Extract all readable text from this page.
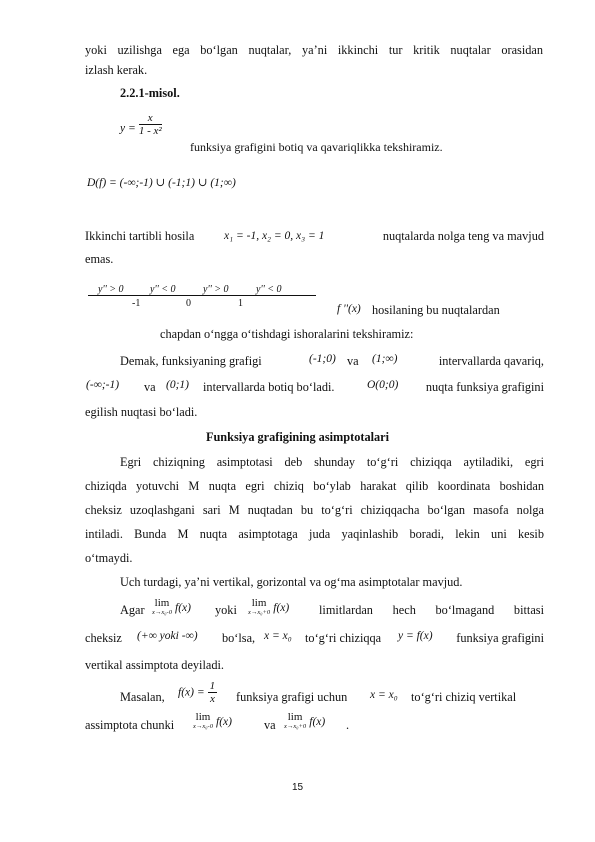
yoki uzilishga ega bo‘lgan nuqtalar, ya’ni ikkinchi tur kritik nuqtalar orasidan
izlash kerak.
2.2.1-misol.
$y = \frac{x}{\text{1 - x²}}$
funksiya grafigini botiq va qavariqlikka tekshiramiz.
D(f) = (-∞;-1) ∪ (-1;1) ∪ (1;∞)
Ikkinchi tartibli hosila	x₁ = -1, x₂ = 0, x₃ = 1	nuqtalarda nolga teng va mavjud
emas.
y'' > 0	y'' < 0	y'' > 0	y'' < 0
-1	0	1	f ''(x) hosilaning bu nuqtalardan
chapdan o‘ngga o‘tishdagi ishoralarini tekshiramiz:
Demak, funksiyaning grafigi	(-1;0) va (1;∞)	intervallarda qavariq,
(-∞;-1) va (0;1) intervallarda botiq bo‘ladi.	O(0;0)	nuqta funksiya grafigini
egilish nuqtasi bo‘ladi.
Funksiya grafigining asimptotalari
Egri chiziqning asimptotasi deb shunday to‘g‘ri chiziqqa aytiladiki, egri
chiziqda yotuvchi M nuqta egri chiziq bo‘ylab harakat qilib koordinata boshidan
cheksiz uzoqlashgani sari M nuqtadan bu to‘g‘ri chiziqqacha bo‘lgan masofa nolga
intiladi. Bunda M nuqta asimptotaga juda yaqinlashib boradi, lekin uni kesib
o‘tmaydi.
Uch turdagi, ya’ni vertikal, gorizontal va og‘ma asimptotalar mavjud.
Agar lim
x→x₀-0 f(x) yoki	lim
x→x₀+0 f(x) limitlardan hech bo‘lmagand bittasi
cheksiz (+∞ yoki -∞) bo‘lsa, x = x₀ to‘g‘ri chiziqqa y = f(x)	funksiya grafigini
vertikal assimptota deyiladi.
Masalan, $f(x) = \frac{1}{x}$ funksiya grafigi uchun x = x₀ to‘g‘ri chiziq vertikal
assimptota chunki
lim
x→x₀-0 f(x)	va
lim
x→x₀+0 f(x) .
15
